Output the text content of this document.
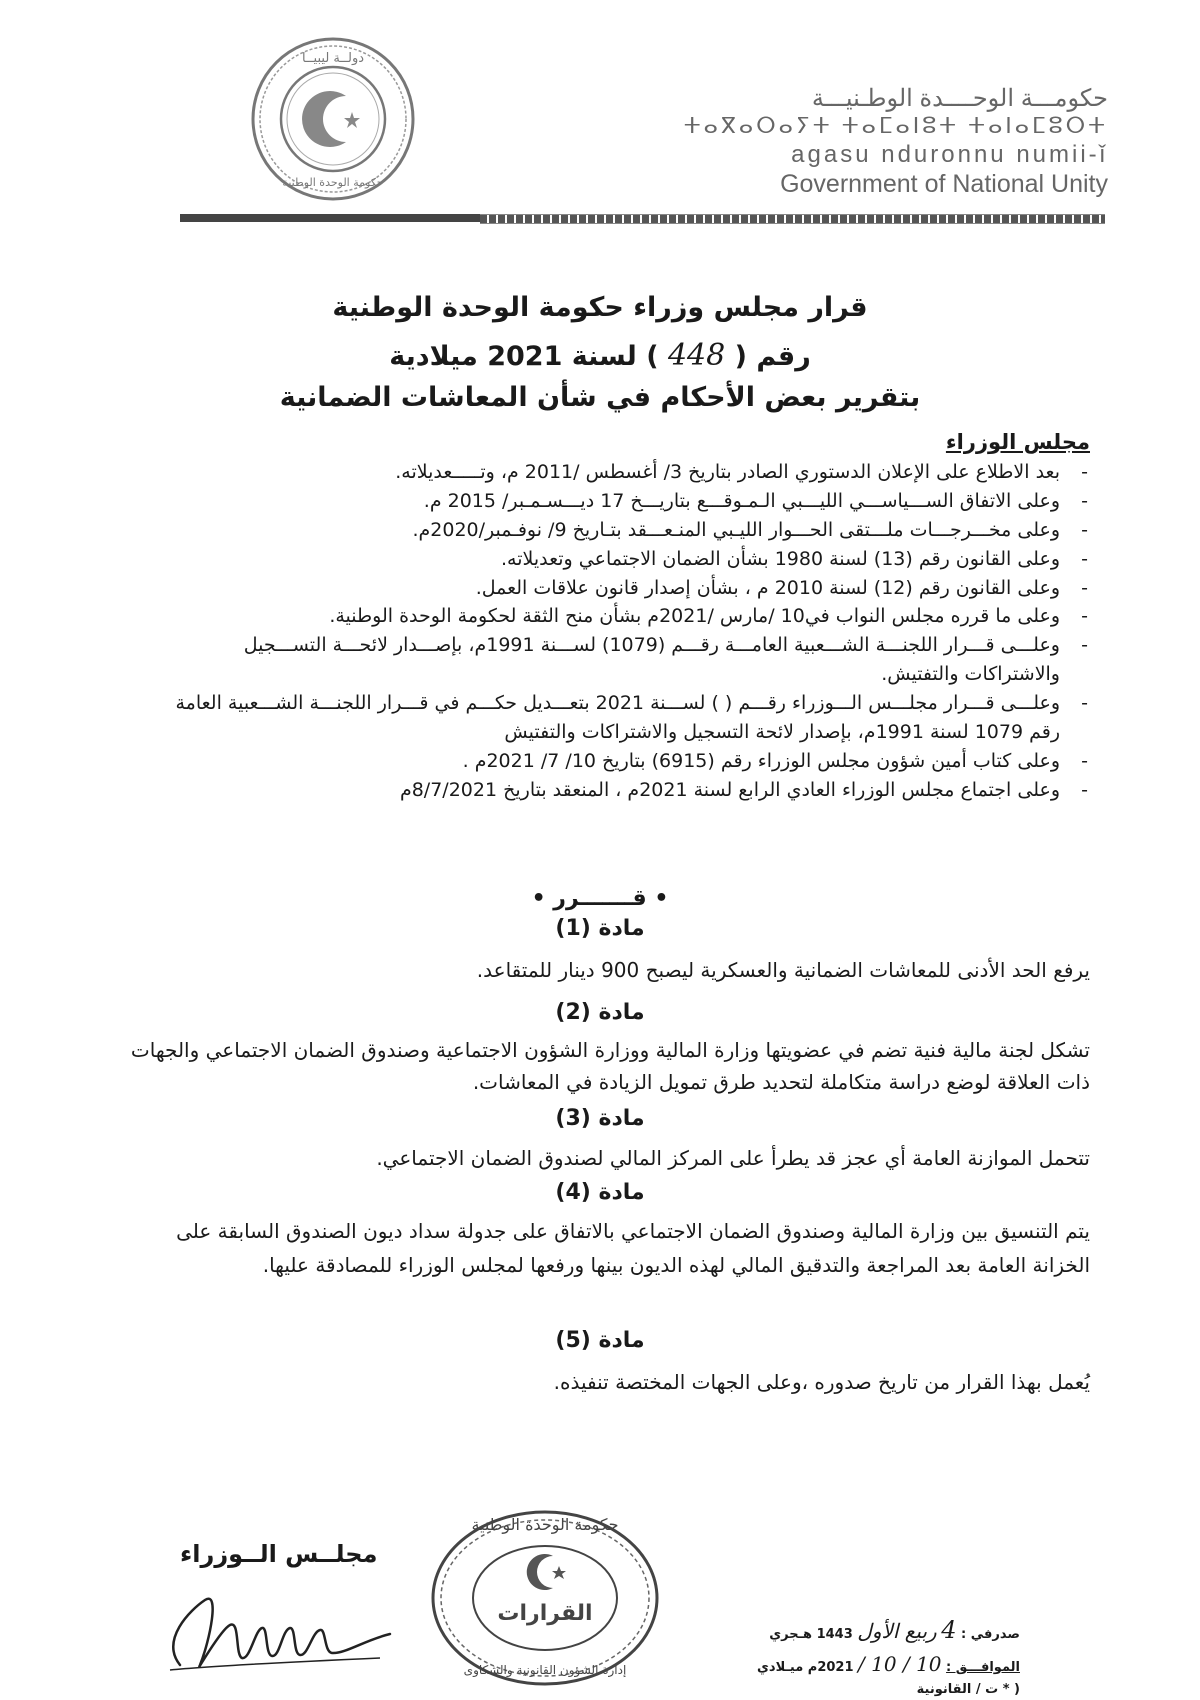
دولــة ليبيــا
حكومة الوحدة الوطنية
حكومـــة الوحــــدة الوطـنيـــة
ⵜⴰⴳⴰⵔⴰⵢⵜ ⵜⴰⵎⴰⵏⵓⵜ ⵜⴰⵏⴰⵎⵓⵔⵜ
agasu nduronnu numii-ǐ
Government of National Unity
قرار مجلس وزراء حكومة الوحدة الوطنية
رقم ( 448 ) لسنة 2021 ميلادية
بتقرير بعض الأحكام في شأن المعاشات الضمانية
مجلس الوزراء
- بعد الاطلاع على الإعلان الدستوري الصادر بتاريخ 3/ أغسطس /2011 م، وتـــــعديلاته.
- وعلى الاتفاق الســـياســـي الليـــبي الـمـوقـــع بتاريـــخ 17 ديـــسـمـبر/ 2015 م.
- وعلى مخـــرجـــات ملـــتقى الحـــوار الليـبي المنـعـــقد بتـاريخ 9/ نوفـمبر/2020م.
- وعلى القانون رقم (13) لسنة 1980 بشأن الضمان الاجتماعي وتعديلاته.
- وعلى القانون رقم (12) لسنة 2010 م ، بشأن إصدار قانون علاقات العمل.
- وعلى ما قرره مجلس النواب في10 /مارس /2021م بشأن منح الثقة لحكومة الوحدة الوطنية.
- وعلـــى قـــرار اللجنـــة الشـــعبية العامـــة رقـــم (1079) لســـنة 1991م، بإصـــدار لائحـــة التســـجيل والاشتراكات والتفتيش.
- وعلـــى قـــرار مجلـــس الـــوزراء رقـــم ( ) لســـنة 2021 بتعـــديل حكـــم في قـــرار اللجنـــة الشـــعبية العامة رقم 1079 لسنة 1991م، بإصدار لائحة التسجيل والاشتراكات والتفتيش
- وعلى كتاب أمين شؤون مجلس الوزراء رقم (6915) بتاريخ 10/ 7/ 2021م .
- وعلى اجتماع مجلس الوزراء العادي الرابع لسنة 2021م ، المنعقد بتاريخ 8/7/2021م
• قـــــــرر •
مادة (1)
يرفع الحد الأدنى للمعاشات الضمانية والعسكرية ليصبح 900 دينار للمتقاعد.
مادة (2)
تشكل لجنة مالية فنية تضم في عضويتها وزارة المالية ووزارة الشؤون الاجتماعية وصندوق الضمان الاجتماعي والجهات ذات العلاقة لوضع دراسة متكاملة لتحديد طرق تمويل الزيادة في المعاشات.
مادة (3)
تتحمل الموازنة العامة أي عجز قد يطرأ على المركز المالي لصندوق الضمان الاجتماعي.
مادة (4)
يتم التنسيق بين وزارة المالية وصندوق الضمان الاجتماعي بالاتفاق على جدولة سداد ديون الصندوق السابقة على الخزانة العامة بعد المراجعة والتدقيق المالي لهذه الديون بينها ورفعها لمجلس الوزراء للمصادقة عليها.
مادة (5)
يُعمل بهذا القرار من تاريخ صدوره ،وعلى الجهات المختصة تنفيذه.
مجلــس الــوزراء
حكومة الوحدة الوطنية
القرارات
إدارة الشؤون القانونية والشكاوى
صدرفي : 4 ربيع الأول 1443 هـجري
الموافـــق : 10 / 10 / 2021م ميـلادي
( * ت / القانونية
